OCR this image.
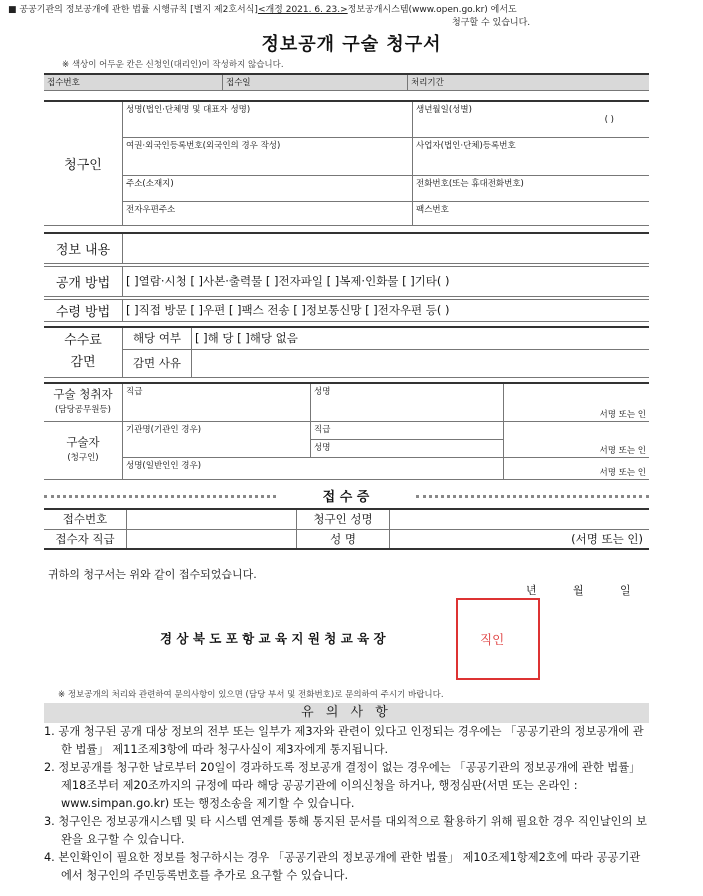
■ 공공기관의 정보공개에 관한 법률 시행규칙 [별지 제2호서식]<개정 2021. 6. 23.>정보공개시스템(www.open.go.kr) 에서도
청구할 수 있습니다.
정보공개 구술 청구서
※ 색상이 어두운 칸은 신청인(대리인)이 작성하지 않습니다.
접수번호	접수일	처리기간
청구인	성명(법인·단체명 및 대표자 성명)	생년월일(성별)
( )

	여권·외국인등록번호(외국인의 경우 작성)	사업자(법인·단체)등록번호
	주소(소재지)	전화번호(또는 휴대전화번호)
	전자우편주소	팩스번호
정보 내용	

공개 방법	[ ]열람·시청 [ ]사본·출력물 [ ]전자파일 [ ]복제·인화물 [ ]기타( )

수령 방법	[ ]직접 방문 [ ]우편 [ ]팩스 전송 [ ]정보통신망 [ ]전자우편 등( )
수수료
감면	해당 여부	[ ]해 당 [ ]해당 없음
	감면 사유	
구술 청취자
(담당공무원등)	직급	성명	서명 또는 인
구술자
(청구인)	기관명(기관인 경우)	직급	서명 또는 인
		성명	
	성명(일반인인 경우)		서명 또는 인
접 수 증
접수번호		청구인 성명	
접수자 직급		성 명	(서명 또는 인)
귀하의 청구서는 위와 같이 접수되었습니다.
년	월	일
경 상 북 도 포 항 교 육 지 원 청 교 육 장	직인
※ 정보공개의 처리와 관련하여 문의사항이 있으면 (담당 부서 및 전화번호)로 문의하여 주시기 바랍니다.
유 의 사 항

1. 공개 청구된 공개 대상 정보의 전부 또는 일부가 제3자와 관련이 있다고 인정되는 경우에는 「공공기관의 정보공개에 관한 법률」 제11조제3항에 따라 청구사실이 제3자에게 통지됩니다.

2. 정보공개를 청구한 날로부터 20일이 경과하도록 정보공개 결정이 없는 경우에는 「공공기관의 정보공개에 관한 법률」 제18조부터 제20조까지의 규정에 따라 해당 공공기관에 이의신청을 하거나, 행정심판(서면 또는 온라인 : www.simpan.go.kr) 또는 행정소송을 제기할 수 있습니다.

3. 청구인은 정보공개시스템 및 타 시스템 연계를 통해 통지된 문서를 대외적으로 활용하기 위해 필요한 경우 직인날인의 보완을 요구할 수 있습니다.

4. 본인확인이 필요한 정보를 청구하시는 경우 「공공기관의 정보공개에 관한 법률」 제10조제1항제2호에 따라 공공기관에서 청구인의 주민등록번호를 추가로 요구할 수 있습니다.
